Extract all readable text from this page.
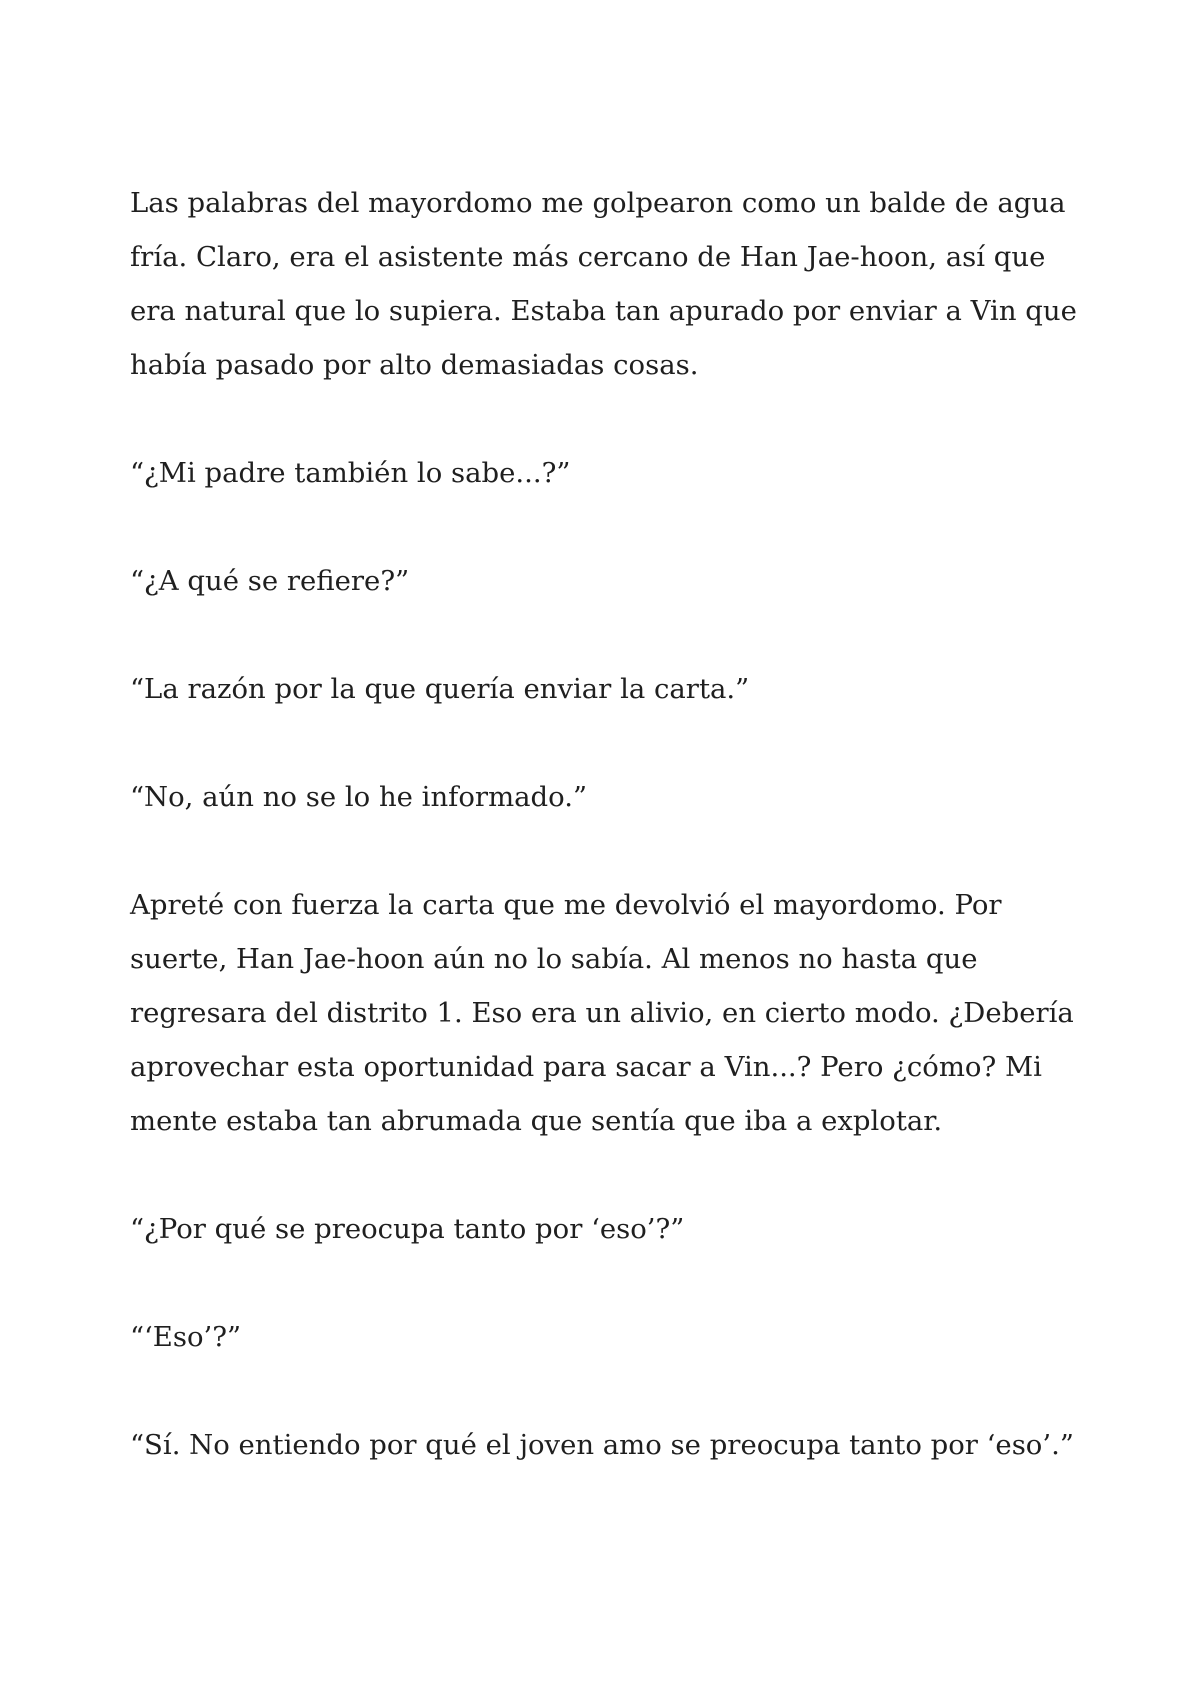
Las palabras del mayordomo me golpearon como un balde de agua fría. Claro, era el asistente más cercano de Han Jae-hoon, así que era natural que lo supiera. Estaba tan apurado por enviar a Vin que había pasado por alto demasiadas cosas.

“¿Mi padre también lo sabe...?”

“¿A qué se refiere?”

“La razón por la que quería enviar la carta.”

“No, aún no se lo he informado.”

Apreté con fuerza la carta que me devolvió el mayordomo. Por suerte, Han Jae-hoon aún no lo sabía. Al menos no hasta que regresara del distrito 1. Eso era un alivio, en cierto modo. ¿Debería aprovechar esta oportunidad para sacar a Vin...? Pero ¿cómo? Mi mente estaba tan abrumada que sentía que iba a explotar.

“¿Por qué se preocupa tanto por ‘eso’?”

“‘Eso’?”

“Sí. No entiendo por qué el joven amo se preocupa tanto por ‘eso’.”
